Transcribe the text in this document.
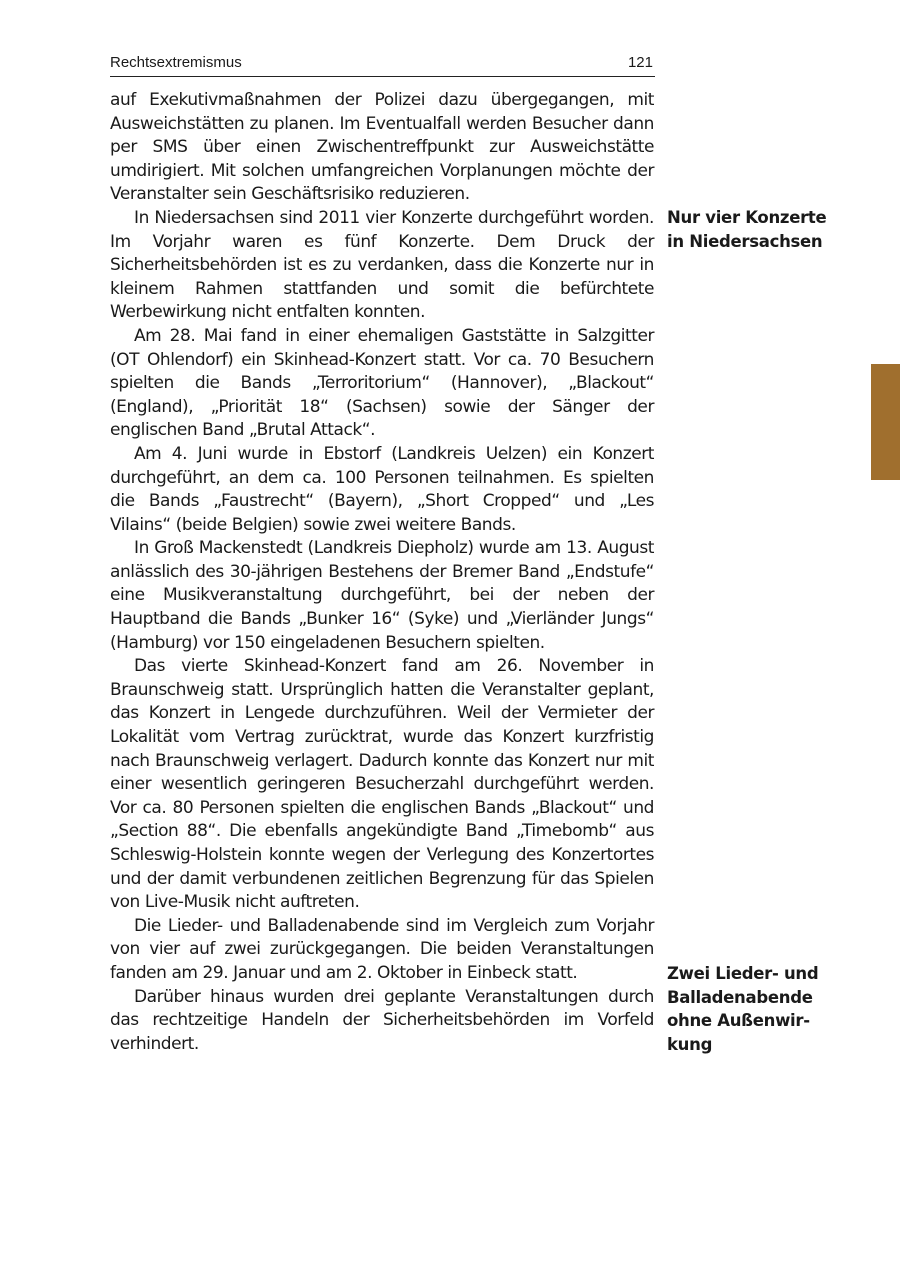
Rechtsextremismus	121

auf Exekutivmaßnahmen der Polizei dazu übergegangen, mit Ausweichstätten zu planen. Im Eventualfall werden Besucher dann per SMS über einen Zwischentreffpunkt zur Ausweichstätte umdirigiert. Mit solchen umfangreichen Vorplanungen möchte der Veranstalter sein Geschäftsrisiko reduzieren.

In Niedersachsen sind 2011 vier Konzerte durchgeführt worden. Im Vorjahr waren es fünf Konzerte. Dem Druck der Sicherheitsbehörden ist es zu verdanken, dass die Konzerte nur in kleinem Rahmen stattfanden und somit die befürchtete Werbewirkung nicht entfalten konnten.

Am 28. Mai fand in einer ehemaligen Gaststätte in Salzgitter (OT Ohlendorf) ein Skinhead-Konzert statt. Vor ca. 70 Besuchern spielten die Bands „Terroritorium“ (Hannover), „Blackout“ (England), „Priorität 18“ (Sachsen) sowie der Sänger der englischen Band „Brutal Attack“.

Am 4. Juni wurde in Ebstorf (Landkreis Uelzen) ein Konzert durchgeführt, an dem ca. 100 Personen teilnahmen. Es spielten die Bands „Faustrecht“ (Bayern), „Short Cropped“ und „Les Vilains“ (beide Belgien) sowie zwei weitere Bands.

In Groß Mackenstedt (Landkreis Diepholz) wurde am 13. August anlässlich des 30-jährigen Bestehens der Bremer Band „Endstufe“ eine Musikveranstaltung durchgeführt, bei der neben der Hauptband die Bands „Bunker 16“ (Syke) und „Vierländer Jungs“ (Hamburg) vor 150 eingeladenen Besuchern spielten.

Das vierte Skinhead-Konzert fand am 26. November in Braunschweig statt. Ursprünglich hatten die Veranstalter geplant, das Konzert in Lengede durchzuführen. Weil der Vermieter der Lokalität vom Vertrag zurücktrat, wurde das Konzert kurzfristig nach Braunschweig verlagert. Dadurch konnte das Konzert nur mit einer wesentlich geringeren Besucherzahl durchgeführt werden. Vor ca. 80 Personen spielten die englischen Bands „Blackout“ und „Section 88“. Die ebenfalls angekündigte Band „Timebomb“ aus Schleswig-Holstein konnte wegen der Verlegung des Konzertortes und der damit verbundenen zeitlichen Begrenzung für das Spielen von Live-Musik nicht auftreten.

Die Lieder- und Balladenabende sind im Vergleich zum Vorjahr von vier auf zwei zurückgegangen. Die beiden Veranstaltungen fanden am 29. Januar und am 2. Oktober in Einbeck statt.

Darüber hinaus wurden drei geplante Veranstaltungen durch das rechtzeitige Handeln der Sicherheitsbehörden im Vorfeld verhindert.

Nur vier Konzerte
in Niedersachsen
Zwei Lieder- und
Balladenabende
ohne Außenwir-
kung
